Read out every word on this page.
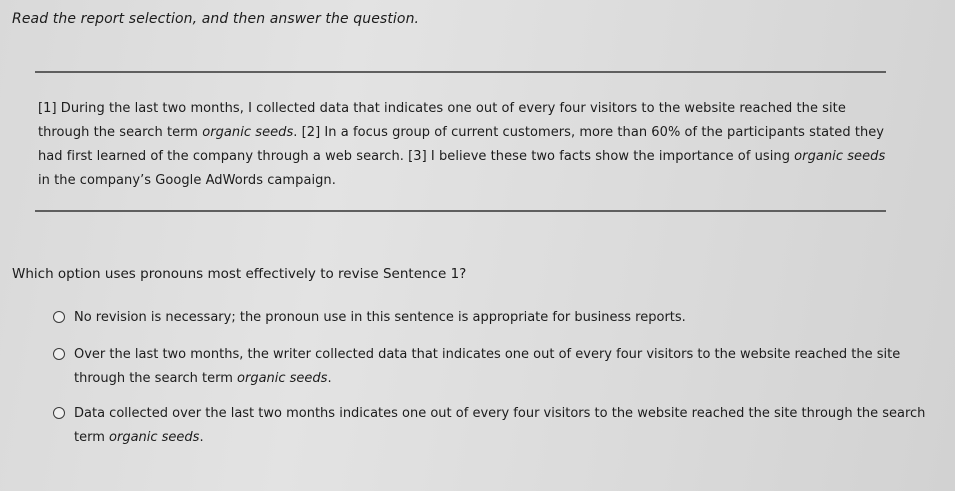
Read the report selection, and then answer the question.
[1] During the last two months, I collected data that indicates one out of every four visitors to the website reached the site through the search term organic seeds. [2] In a focus group of current customers, more than 60% of the participants stated they had first learned of the company through a web search. [3] I believe these two facts show the importance of using organic seeds in the company’s Google AdWords campaign.
Which option uses pronouns most effectively to revise Sentence 1?
No revision is necessary; the pronoun use in this sentence is appropriate for business reports.
Over the last two months, the writer collected data that indicates one out of every four visitors to the website reached the site through the search term organic seeds.
Data collected over the last two months indicates one out of every four visitors to the website reached the site through the search term organic seeds.
